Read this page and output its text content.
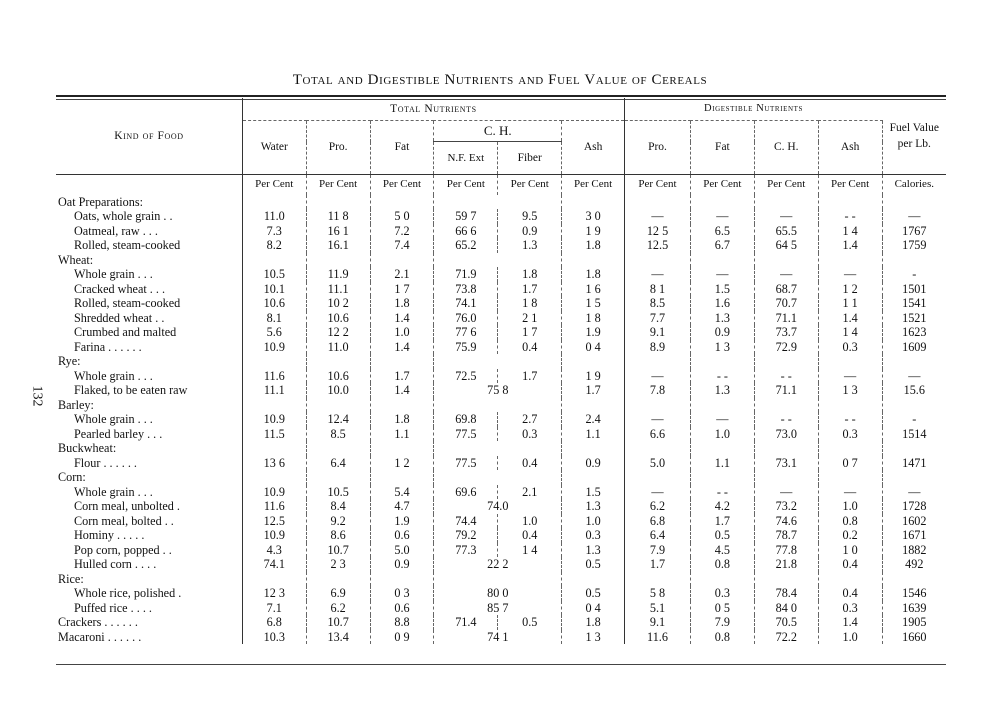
Total and Digestible Nutrients and Fuel Value of Cereals
132
Kind of Food	Total Nutrients						Digestible Nutrients				Fuel Value per Lb.
	Water	Pro.	Fat	C. H.		Ash	Pro.	Fat	C. H.	Ash	
				N.F. Ext	Fiber						
	Per Cent	Per Cent	Per Cent	Per Cent	Per Cent	Per Cent	Per Cent	Per Cent	Per Cent	Per Cent	Calories.
Oat Preparations:											
Oats, whole grain . .	11.0	11 8	5 0	59 7	9.5	3 0	—	—	—	- -	—
Oatmeal, raw . . .	7.3	16 1	7.2	66 6	0.9	1 9	12 5	6.5	65.5	1 4	1767
Rolled, steam-cooked	8.2	16.1	7.4	65.2	1.3	1.8	12.5	6.7	64 5	1.4	1759
Wheat:											
Whole grain . . .	10.5	11.9	2.1	71.9	1.8	1.8	—	—	—	—	-
Cracked wheat . . .	10.1	11.1	1 7	73.8	1.7	1 6	8 1	1.5	68.7	1 2	1501
Rolled, steam-cooked	10.6	10 2	1.8	74.1	1 8	1 5	8.5	1.6	70.7	1 1	1541
Shredded wheat . .	8.1	10.6	1.4	76.0	2 1	1 8	7.7	1.3	71.1	1.4	1521
Crumbed and malted	5.6	12 2	1.0	77 6	1 7	1.9	9.1	0.9	73.7	1 4	1623
Farina . . . . . .	10.9	11.0	1.4	75.9	0.4	0 4	8.9	1 3	72.9	0.3	1609
Rye:											
Whole grain . . .	11.6	10.6	1.7	72.5	1.7	1 9	—	- -	- -	—	—
Flaked, to be eaten raw	11.1	10.0	1.4	75 8		1.7	7.8	1.3	71.1	1 3	15.6
Barley:											
Whole grain . . .	10.9	12.4	1.8	69.8	2.7	2.4	—	—	- -	- -	-
Pearled barley . . .	11.5	8.5	1.1	77.5	0.3	1.1	6.6	1.0	73.0	0.3	1514
Buckwheat:											
Flour . . . . . .	13 6	6.4	1 2	77.5	0.4	0.9	5.0	1.1	73.1	0 7	1471
Corn:											
Whole grain . . .	10.9	10.5	5.4	69.6	2.1	1.5	—	- -	—	—	—
Corn meal, unbolted .	11.6	8.4	4.7	74.0		1.3	6.2	4.2	73.2	1.0	1728
Corn meal, bolted . .	12.5	9.2	1.9	74.4	1.0	1.0	6.8	1.7	74.6	0.8	1602
Hominy . . . . .	10.9	8.6	0.6	79.2	0.4	0.3	6.4	0.5	78.7	0.2	1671
Pop corn, popped . .	4.3	10.7	5.0	77.3	1 4	1.3	7.9	4.5	77.8	1 0	1882
Hulled corn . . . .	74.1	2 3	0.9	22 2		0.5	1.7	0.8	21.8	0.4	492
Rice:											
Whole rice, polished .	12 3	6.9	0 3	80 0		0.5	5 8	0.3	78.4	0.4	1546
Puffed rice . . . .	7.1	6.2	0.6	85 7		0 4	5.1	0 5	84 0	0.3	1639
Crackers . . . . . .	6.8	10.7	8.8	71.4	0.5	1.8	9.1	7.9	70.5	1.4	1905
Macaroni . . . . . .	10.3	13.4	0 9	74 1		1 3	11.6	0.8	72.2	1.0	1660
